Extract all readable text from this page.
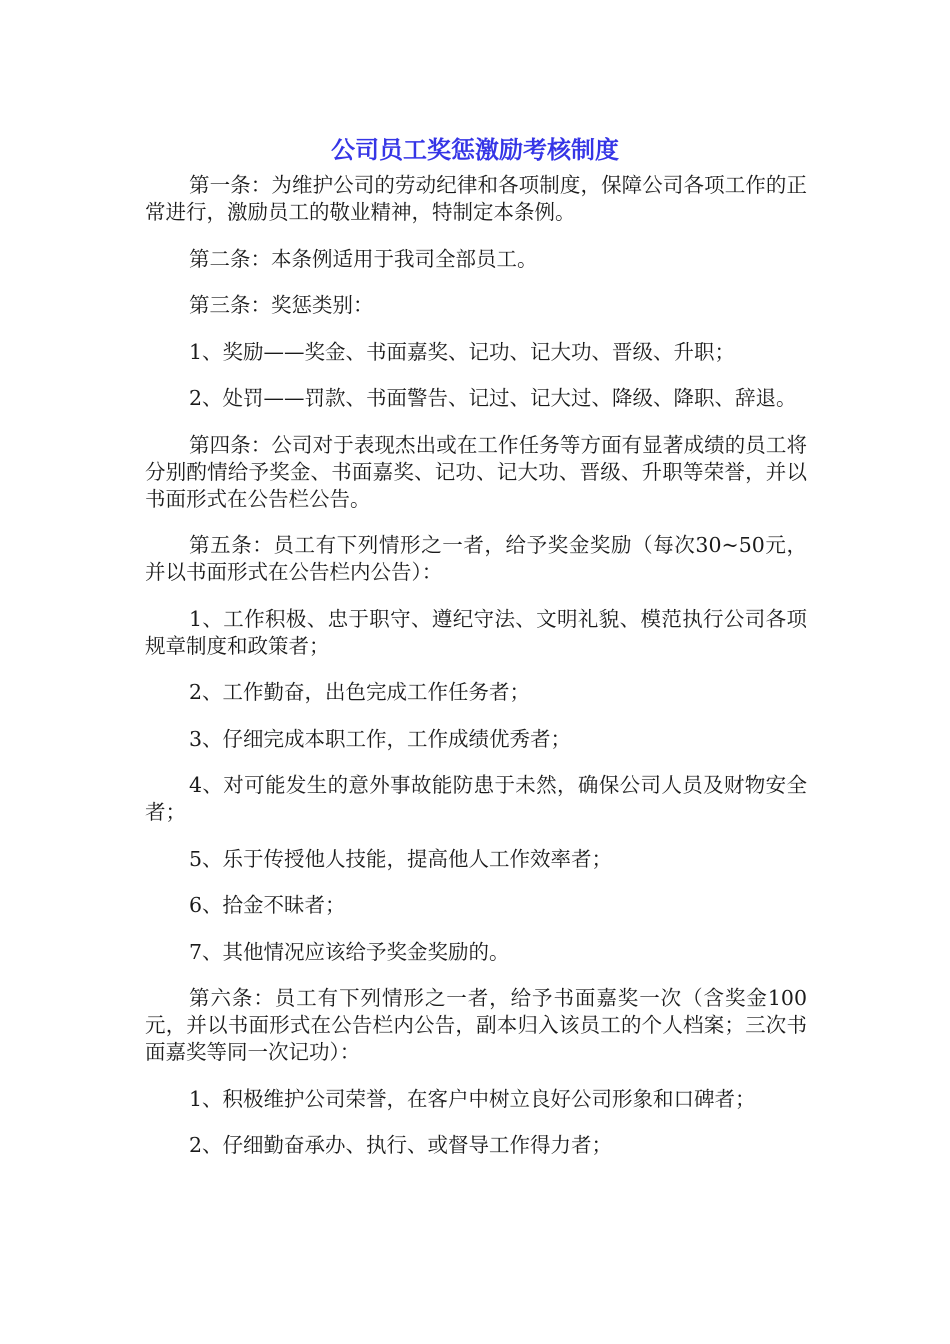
公司员工奖惩激励考核制度

第一条：为维护公司的劳动纪律和各项制度，保障公司各项工作的正常进行，激励员工的敬业精神，特制定本条例。

第二条：本条例适用于我司全部员工。

第三条：奖惩类别：

1、奖励——奖金、书面嘉奖、记功、记大功、晋级、升职；

2、处罚——罚款、书面警告、记过、记大过、降级、降职、辞退。

第四条：公司对于表现杰出或在工作任务等方面有显著成绩的员工将分别酌情给予奖金、书面嘉奖、记功、记大功、晋级、升职等荣誉，并以书面形式在公告栏公告。

第五条：员工有下列情形之一者，给予奖金奖励（每次30~50元，并以书面形式在公告栏内公告）：

1、工作积极、忠于职守、遵纪守法、文明礼貌、模范执行公司各项规章制度和政策者；

2、工作勤奋，出色完成工作任务者；

3、仔细完成本职工作，工作成绩优秀者；

4、对可能发生的意外事故能防患于未然，确保公司人员及财物安全者；

5、乐于传授他人技能，提高他人工作效率者；

6、拾金不昧者；

7、其他情况应该给予奖金奖励的。

第六条：员工有下列情形之一者，给予书面嘉奖一次（含奖金100元，并以书面形式在公告栏内公告，副本归入该员工的个人档案；三次书面嘉奖等同一次记功）：

1、积极维护公司荣誉，在客户中树立良好公司形象和口碑者；

2、仔细勤奋承办、执行、或督导工作得力者；
